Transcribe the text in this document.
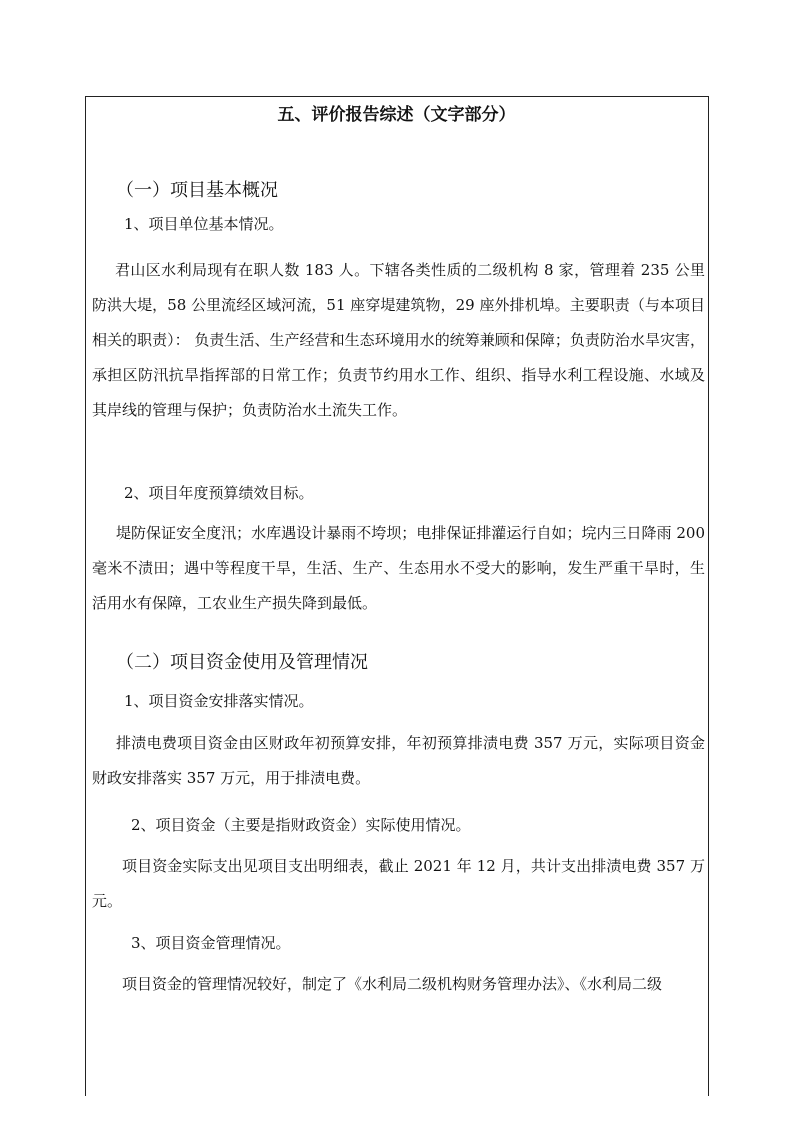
五、评价报告综述（文字部分）

（一）项目基本概况

1、项目单位基本情况。

君山区水利局现有在职人数 183 人。下辖各类性质的二级机构 8 家，管理着 235 公里防洪大堤，58 公里流经区域河流，51 座穿堤建筑物，29 座外排机埠。主要职责（与本项目相关的职责）： 负责生活、生产经营和生态环境用水的统筹兼顾和保障；负责防治水旱灾害，承担区防汛抗旱指挥部的日常工作；负责节约用水工作、组织、指导水利工程设施、水域及其岸线的管理与保护；负责防治水土流失工作。

2、项目年度预算绩效目标。

堤防保证安全度汛；水库遇设计暴雨不垮坝；电排保证排灌运行自如；垸内三日降雨 200 毫米不渍田；遇中等程度干旱，生活、生产、生态用水不受大的影响，发生严重干旱时，生活用水有保障，工农业生产损失降到最低。

（二）项目资金使用及管理情况

1、项目资金安排落实情况。

排渍电费项目资金由区财政年初预算安排，年初预算排渍电费 357 万元，实际项目资金财政安排落实 357 万元，用于排渍电费。

2、项目资金（主要是指财政资金）实际使用情况。

项目资金实际支出见项目支出明细表，截止 2021 年 12 月，共计支出排渍电费 357 万元。

3、项目资金管理情况。

项目资金的管理情况较好，制定了《水利局二级机构财务管理办法》、《水利局二级
